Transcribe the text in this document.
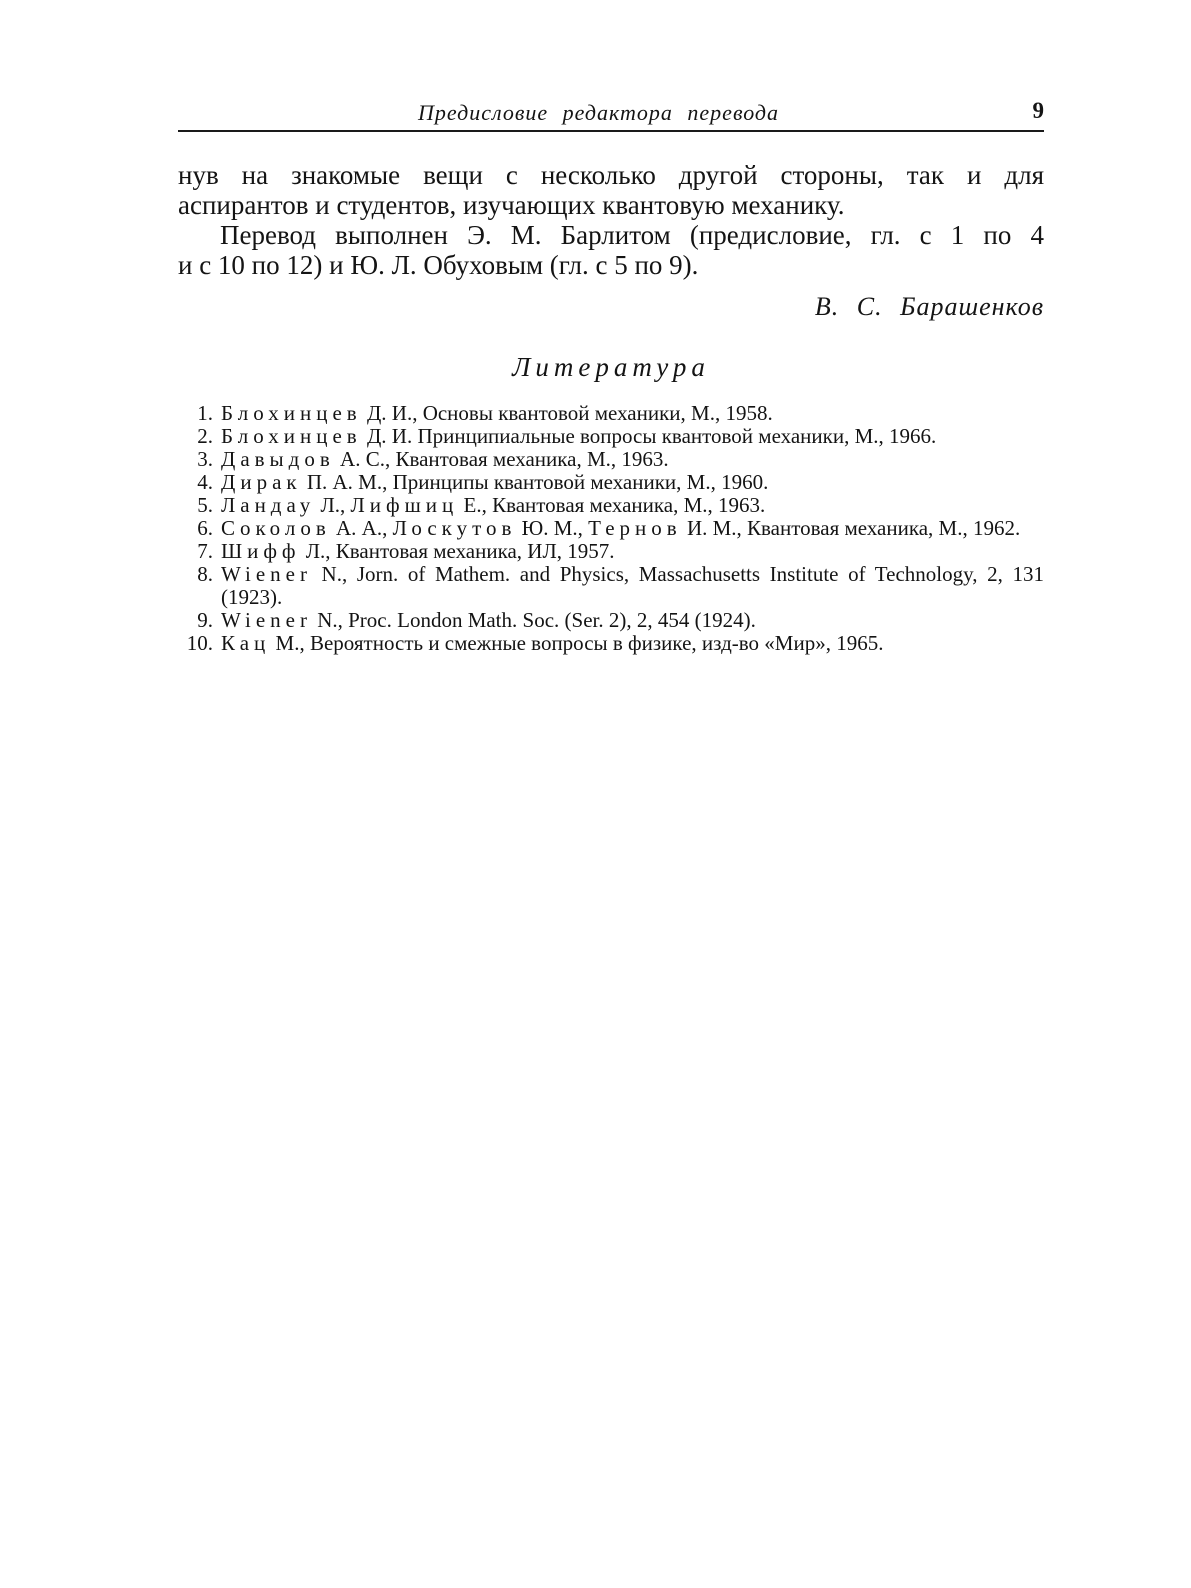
Предисловие редактора перевода	9
нув на знакомые вещи с несколько другой стороны, так и для
аспирантов и студентов, изучающих квантовую механику.
Перевод выполнен Э. М. Барлитом (предисловие, гл. с 1 по 4
и с 10 по 12) и Ю. Л. Обуховым (гл. с 5 по 9).
В. С. Барашенков
Литература
1. Блохинцев Д. И., Основы квантовой механики, М., 1958.
2. Блохинцев Д. И. Принципиальные вопросы квантовой механики, М., 1966.
3. Давыдов А. С., Квантовая механика, М., 1963.
4. Дирак П. А. М., Принципы квантовой механики, М., 1960.
5. Ландау Л., Лифшиц Е., Квантовая механика, М., 1963.
6. Соколов А. А., Лоскутов Ю. М., Тернов И. М., Квантовая механика, М., 1962.
7. Шифф Л., Квантовая механика, ИЛ, 1957.
8. Wiener N., Jorn. of Mathem. and Physics, Massachusetts Institute of Technology, 2, 131 (1923).
9. Wiener N., Proc. London Math. Soc. (Ser. 2), 2, 454 (1924).
10. Кац М., Вероятность и смежные вопросы в физике, изд-во «Мир», 1965.
